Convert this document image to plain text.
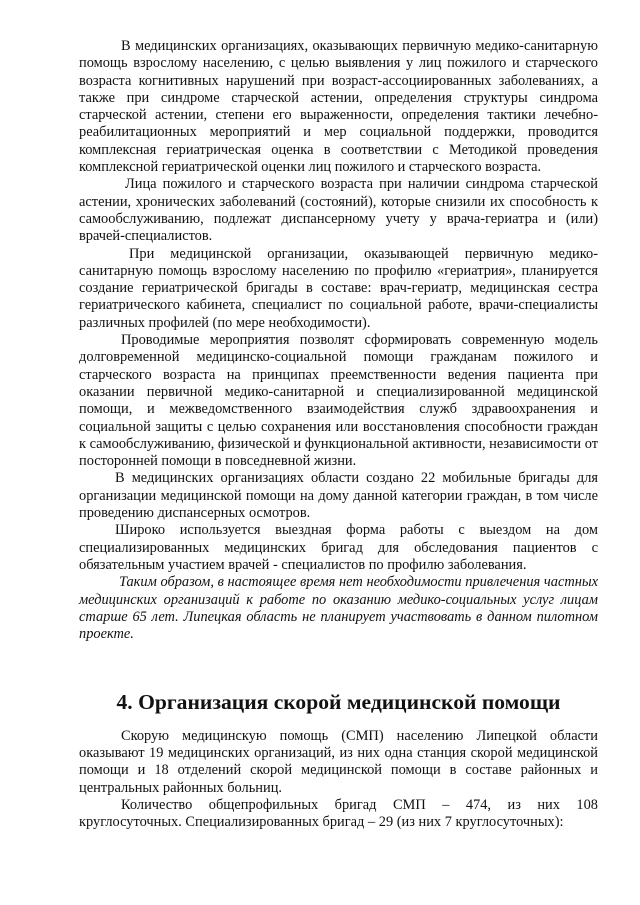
В медицинских организациях, оказывающих первичную медико-санитарную помощь взрослому населению, с целью выявления у лиц пожилого и старческого возраста когнитивных нарушений при возраст-ассоциированных заболеваниях, а также при синдроме старческой астении, определения структуры синдрома старческой астении, степени его выраженности, определения тактики лечебно-реабилитационных мероприятий и мер социальной поддержки, проводится комплексная гериатрическая оценка в соответствии с Методикой проведения комплексной гериатрической оценки лиц пожилого и старческого возраста.

Лица пожилого и старческого возраста при наличии синдрома старческой астении, хронических заболеваний (состояний), которые снизили их способность к самообслуживанию, подлежат диспансерному учету у врача-гериатра и (или) врачей-специалистов.

При медицинской организации, оказывающей первичную медико-санитарную помощь взрослому населению по профилю «гериатрия», планируется создание гериатрической бригады в составе: врач-гериатр, медицинская сестра гериатрического кабинета, специалист по социальной работе, врачи-специалисты различных профилей (по мере необходимости).

Проводимые мероприятия позволят сформировать современную модель долговременной медицинско-социальной помощи гражданам пожилого и старческого возраста на принципах преемственности ведения пациента при оказании первичной медико-санитарной и специализированной медицинской помощи, и межведомственного взаимодействия служб здравоохранения и социальной защиты с целью сохранения или восстановления способности граждан к самообслуживанию, физической и функциональной активности, независимости от посторонней помощи в повседневной жизни.

В медицинских организациях области создано 22 мобильные бригады для организации медицинской помощи на дому данной категории граждан, в том числе проведению диспансерных осмотров.

Широко используется выездная форма работы с выездом на дом специализированных медицинских бригад для обследования пациентов с обязательным участием врачей - специалистов по профилю заболевания.

Таким образом, в настоящее время нет необходимости привлечения частных медицинских организаций к работе по оказанию медико-социальных услуг лицам старше 65 лет. Липецкая область не планирует участвовать в данном пилотном проекте.

4. Организация скорой медицинской помощи

Скорую медицинскую помощь (СМП) населению Липецкой области оказывают 19 медицинских организаций, из них одна станция скорой медицинской помощи и 18 отделений скорой медицинской помощи в составе районных и центральных районных больниц.

Количество общепрофильных бригад СМП – 474, из них 108 круглосуточных. Специализированных бригад – 29 (из них 7 круглосуточных):
